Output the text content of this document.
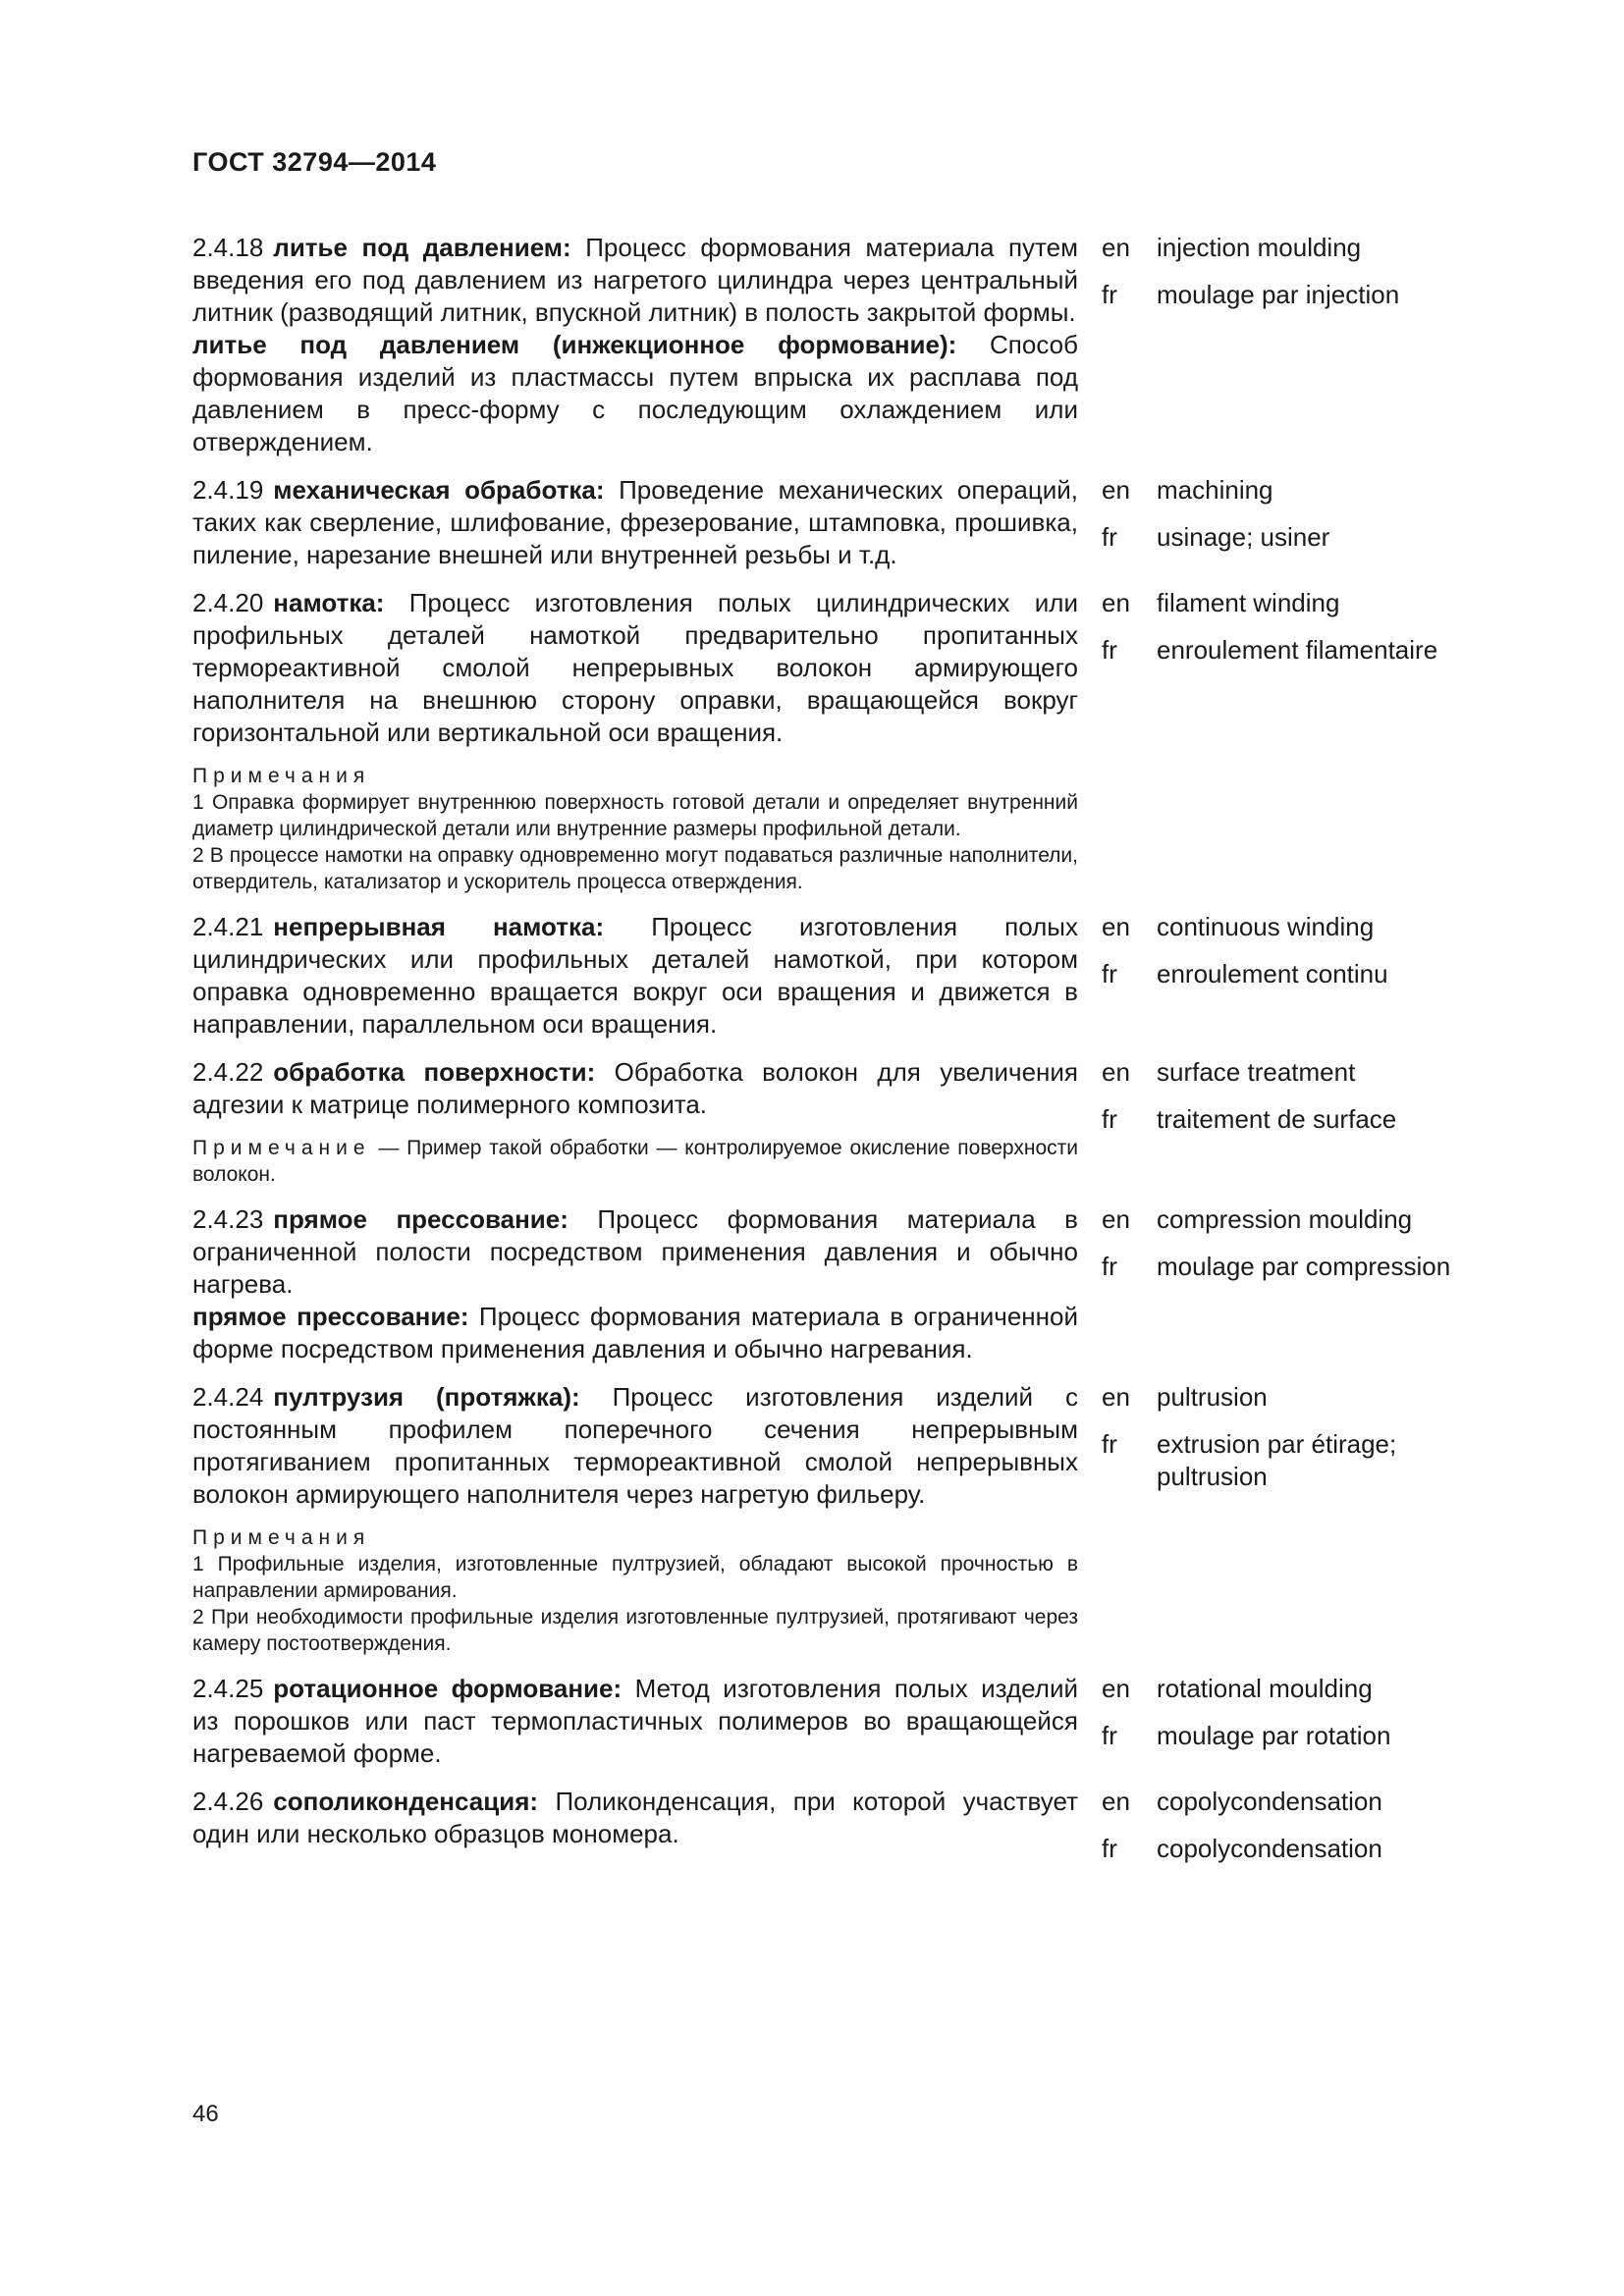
ГОСТ 32794—2014

2.4.18 литье под давлением: Процесс формования материала путем введения его под давлением из нагретого цилиндра через центральный литник (разводящий литник, впускной литник) в полость закрытой формы.

литье под давлением (инжекционное формование): Способ формования изделий из пластмассы путем впрыска их расплава под давлением в пресс-форму с последующим охлаждением или отверждением.

en	injection moulding
fr	moulage par injection

2.4.19 механическая обработка: Проведение механических операций, таких как сверление, шлифование, фрезерование, штамповка, прошивка, пиление, нарезание внешней или внутренней резьбы и т.д.

en	machining
fr	usinage; usiner

2.4.20 намотка: Процесс изготовления полых цилиндрических или профильных деталей намоткой предварительно пропитанных термореактивной смолой непрерывных волокон армирующего наполнителя на внешнюю сторону оправки, вращающейся вокруг горизонтальной или вертикальной оси вращения.

Примечания
1 Оправка формирует внутреннюю поверхность готовой детали и определяет внутренний диаметр цилиндрической детали или внутренние размеры профильной детали.
2 В процессе намотки на оправку одновременно могут подаваться различные наполнители, отвердитель, катализатор и ускоритель процесса отверждения.
en	filament winding
fr	enroulement filamentaire

2.4.21 непрерывная намотка: Процесс изготовления полых цилиндрических или профильных деталей намоткой, при котором оправка одновременно вращается вокруг оси вращения и движется в направлении, параллельном оси вращения.

en	continuous winding
fr	enroulement continu

2.4.22 обработка поверхности: Обработка волокон для увеличения адгезии к матрице полимерного композита.

Примечание — Пример такой обработки — контролируемое окисление поверхности волокон.
en	surface treatment
fr	traitement de surface

2.4.23 прямое прессование: Процесс формования материала в ограниченной полости посредством применения давления и обычно нагрева.

прямое прессование: Процесс формования материала в ограниченной форме посредством применения давления и обычно нагревания.

en	compression moulding
fr	moulage par compression

2.4.24 пултрузия (протяжка): Процесс изготовления изделий с постоянным профилем поперечного сечения непрерывным протягиванием пропитанных термореактивной смолой непрерывных волокон армирующего наполнителя через нагретую фильеру.

Примечания
1 Профильные изделия, изготовленные пултрузией, обладают высокой прочностью в направлении армирования.
2 При необходимости профильные изделия изготовленные пултрузией, протягивают через камеру постоотверждения.
en	pultrusion
fr	extrusion par étirage; pultrusion

2.4.25 ротационное формование: Метод изготовления полых изделий из порошков или паст термопластичных полимеров во вращающейся нагреваемой форме.

en	rotational moulding
fr	moulage par rotation

2.4.26 сополиконденсация: Поликонденсация, при которой участвует один или несколько образцов мономера.

en	copolycondensation
fr	copolycondensation
46
